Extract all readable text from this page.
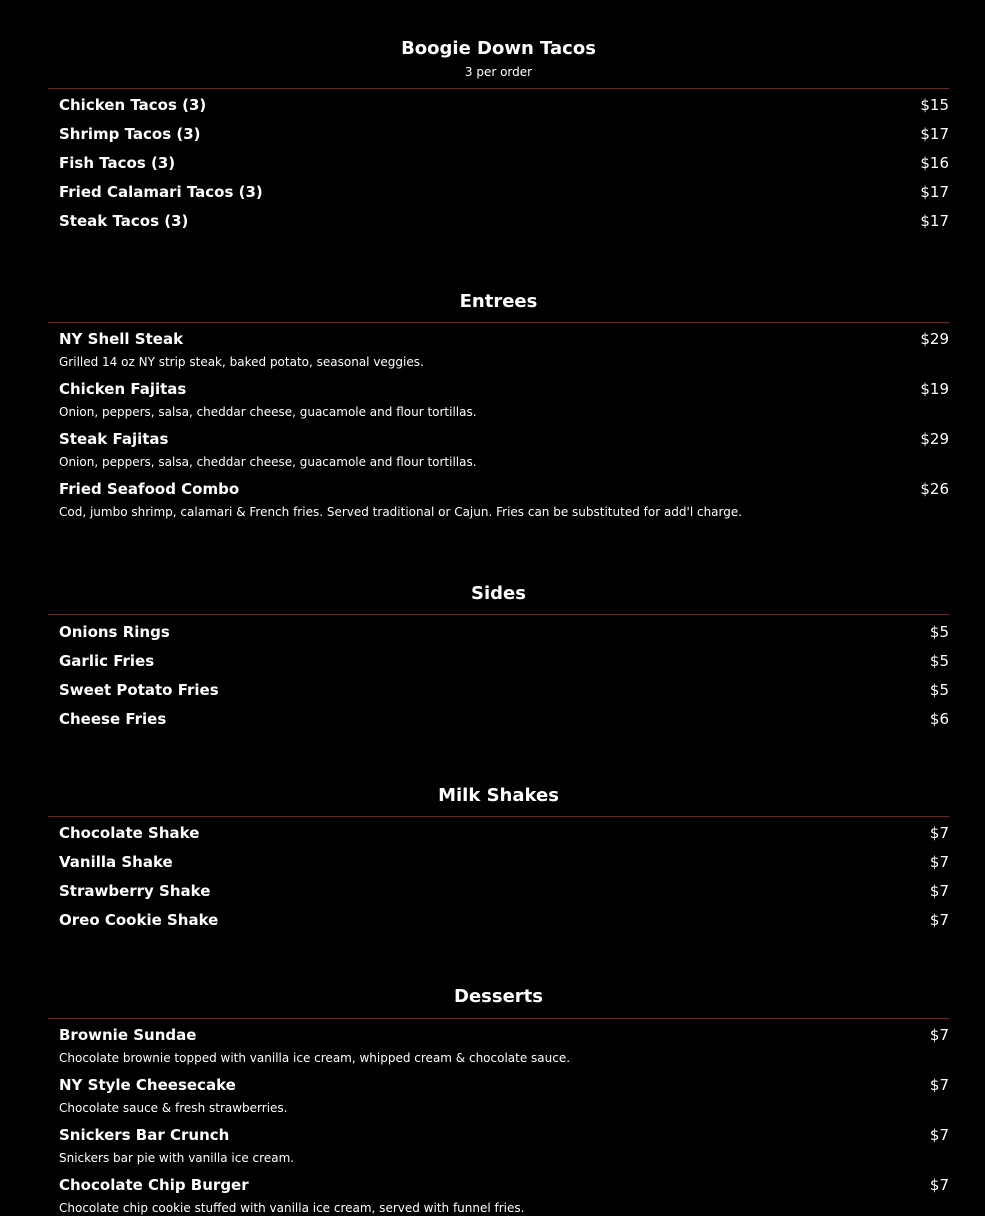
Boogie Down Tacos
3 per order
Chicken Tacos (3)	$15
Shrimp Tacos (3)	$17
Fish Tacos (3)	$16
Fried Calamari Tacos (3)	$17
Steak Tacos (3)	$17
Entrees
NY Shell Steak	$29
Grilled 14 oz NY strip steak, baked potato, seasonal veggies.
Chicken Fajitas	$19
Onion, peppers, salsa, cheddar cheese, guacamole and flour tortillas.
Steak Fajitas	$29
Onion, peppers, salsa, cheddar cheese, guacamole and flour tortillas.
Fried Seafood Combo	$26
Cod, jumbo shrimp, calamari & French fries. Served traditional or Cajun. Fries can be substituted for add'l charge.
Sides
Onions Rings	$5
Garlic Fries	$5
Sweet Potato Fries	$5
Cheese Fries	$6
Milk Shakes
Chocolate Shake	$7
Vanilla Shake	$7
Strawberry Shake	$7
Oreo Cookie Shake	$7
Desserts
Brownie Sundae	$7
Chocolate brownie topped with vanilla ice cream, whipped cream & chocolate sauce.
NY Style Cheesecake	$7
Chocolate sauce & fresh strawberries.
Snickers Bar Crunch	$7
Snickers bar pie with vanilla ice cream.
Chocolate Chip Burger	$7
Chocolate chip cookie stuffed with vanilla ice cream, served with funnel fries.
